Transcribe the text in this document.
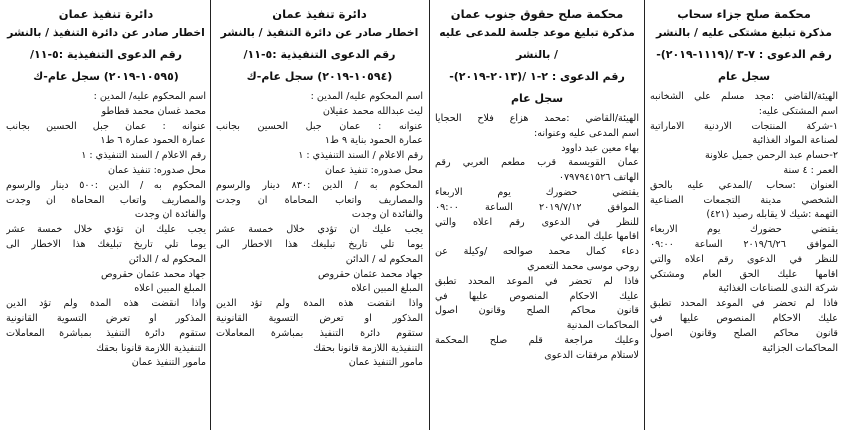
دائرة تنفيذ عمان
اخطار صادر عن دائرة التنفيذ / بالنشر
رقم الدعوى التنفيذية :٥-١١/
(١٠٥٩٥-٢٠١٩) سجل عام-ك
اسم المحكوم عليه/ المدين :
محمد غسان محمد قطاطو
عنوانه : عمان جبل الحسين بجانب
عمارة الحمود عمارة ٦ ط١
رقم الاعلام / السند التنفيذي : ١
محل صدوره: تنفيذ عمان
المحكوم به / الدين :٥٠٠ دينار والرسوم
والمصاريف واتعاب المحاماة ان وجدت
والفائدة ان وجدت
يجب عليك ان تؤدي خلال خمسة عشر
يوما تلي تاريخ تبليغك هذا الاخطار الى
المحكوم له / الدائن
جهاد محمد عثمان حقروص
المبلغ المبين اعلاه
واذا انقضت هذه المدة ولم تؤد الدين
المذكور او تعرض التسوية القانونية
ستقوم دائرة التنفيذ بمباشرة المعاملات
التنفيذية اللازمة قانونا بحقك
مامور التنفيذ عمان
دائرة تنفيذ عمان
اخطار صادر عن دائرة التنفيذ / بالنشر
رقم الدعوى التنفيذية :٥-١١/
(١٠٥٩٤-٢٠١٩) سجل عام-ك
اسم المحكوم عليه/ المدين :
ليث عبدالله محمد عقيلان
عنوانه : عمان جبل الحسين بجانب
عمارة الحمود بناية ٩ ط١
رقم الاعلام / السند التنفيذي : ١
محل صدوره: تنفيذ عمان
المحكوم به / الدين :٨٣٠ دينار والرسوم
والمصاريف واتعاب المحاماة ان وجدت
والفائدة ان وجدت
يجب عليك ان تؤدي خلال خمسة عشر
يوما تلي تاريخ تبليغك هذا الاخطار الى
المحكوم له / الدائن
جهاد محمد عثمان حقروص
المبلغ المبين اعلاه
واذا انقضت هذه المدة ولم تؤد الدين
المذكور او تعرض التسوية القانونية
ستقوم دائرة التنفيذ بمباشرة المعاملات
التنفيذية اللازمة قانونا بحقك
مامور التنفيذ عمان
محكمة صلح حقوق جنوب عمان
مذكرة تبليغ موعد جلسة للمدعى عليه
/ بالنشر
رقم الدعوى : ٢-١ /(٢٠١٣-٢٠١٩)-
سجل عام
الهيئة/القاضي :محمد هزاع فلاح الحجايا
اسم المدعى عليه وعنوانه:
بهاء معين عبد داوود
عمان القويسمة قرب مطعم العربي رقم
الهاتف ٠٧٩٧٩٤١٥٢٦
يقتضي حضورك يوم الاربعاء
الموافق ٢٠١٩/٧/١٢ الساعة ٠٩:٠٠
للنظر في الدعوى رقم اعلاه والتي
اقامها عليك المدعي
دعاء كمال محمد صوالحه /وكيلة عن
روحي موسى محمد التعمري
فاذا لم تحضر في الموعد المحدد تطبق
عليك الاحكام المنصوص عليها في
قانون محاكم الصلح وقانون اصول
المحاكمات المدنية
وعليك مراجعة قلم صلح المحكمة
لاستلام مرفقات الدعوى
محكمة صلح جزاء سحاب
مذكرة تبليغ مشتكى عليه / بالنشر
رقم الدعوى : ٧-٣ /(١١١٩-٢٠١٩)-
سجل عام
الهيئة/القاضي :مجد مسلم علي الشخانبه
اسم المشتكى عليه:
١-شركة المنتجات الاردنية الاماراتية
لصناعة المواد الغذائية
٢-حسام عبد الرحمن جميل علاونة
العمر : ٤ سنة
العنوان :سحاب /المدعي عليه بالحق
الشخصي مدينة التجمعات الصناعية
التهمة :شيك لا يقابله رصيد (٤٢١)
يقتضي حضورك يوم الاربعاء
الموافق ٢٠١٩/٦/٢٦ الساعة ٠٩:٠٠
للنظر في الدعوى رقم اعلاه والتي
اقامها عليك الحق العام ومشتكي
شركة الندى للصناعات الغذائية
فاذا لم تحضر في الموعد المحدد تطبق
عليك الاحكام المنصوص عليها في
قانون محاكم الصلح وقانون اصول
المحاكمات الجزائية
